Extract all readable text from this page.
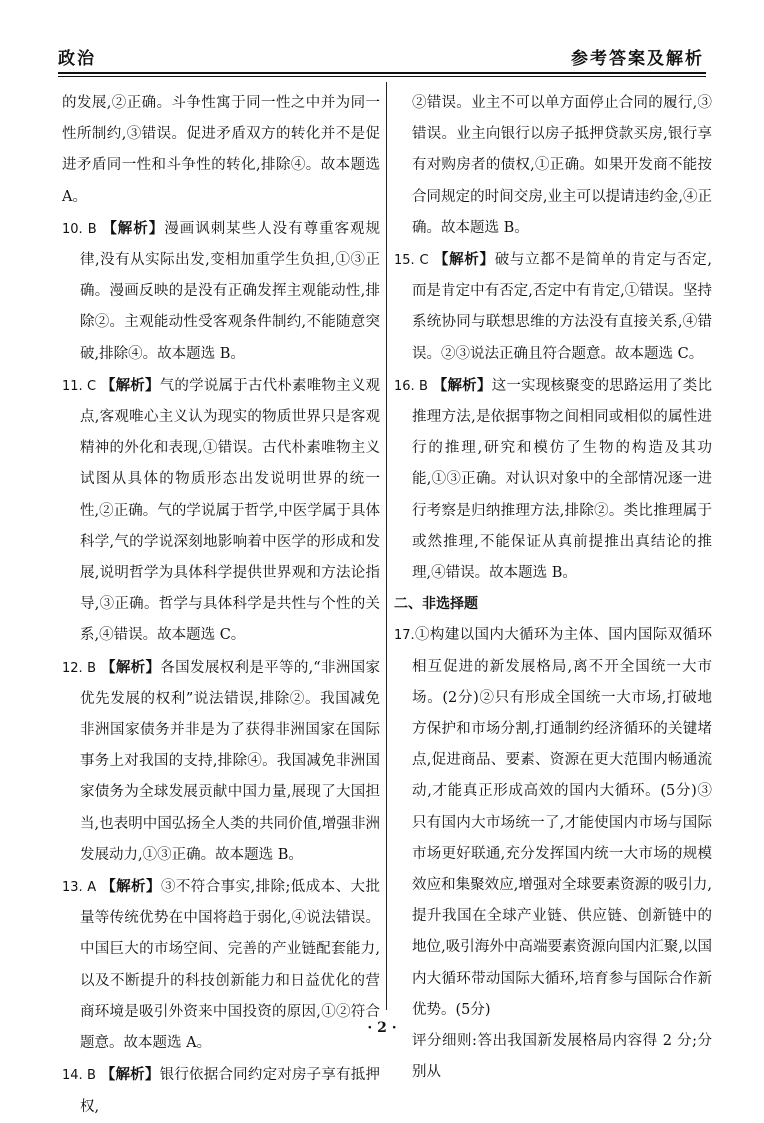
政治	参考答案及解析

的发展,②正确。斗争性寓于同一性之中并为同一性所制约,③错误。促进矛盾双方的转化并不是促进矛盾同一性和斗争性的转化,排除④。故本题选 A。

10. B 【解析】漫画讽刺某些人没有尊重客观规律,没有从实际出发,变相加重学生负担,①③正确。漫画反映的是没有正确发挥主观能动性,排除②。主观能动性受客观条件制约,不能随意突破,排除④。故本题选 B。

11. C 【解析】气的学说属于古代朴素唯物主义观点,客观唯心主义认为现实的物质世界只是客观精神的外化和表现,①错误。古代朴素唯物主义试图从具体的物质形态出发说明世界的统一性,②正确。气的学说属于哲学,中医学属于具体科学,气的学说深刻地影响着中医学的形成和发展,说明哲学为具体科学提供世界观和方法论指导,③正确。哲学与具体科学是共性与个性的关系,④错误。故本题选 C。

12. B 【解析】各国发展权利是平等的,“非洲国家优先发展的权利”说法错误,排除②。我国减免非洲国家债务并非是为了获得非洲国家在国际事务上对我国的支持,排除④。我国减免非洲国家债务为全球发展贡献中国力量,展现了大国担当,也表明中国弘扬全人类的共同价值,增强非洲发展动力,①③正确。故本题选 B。

13. A 【解析】③不符合事实,排除;低成本、大批量等传统优势在中国将趋于弱化,④说法错误。中国巨大的市场空间、完善的产业链配套能力,以及不断提升的科技创新能力和日益优化的营商环境是吸引外资来中国投资的原因,①②符合题意。故本题选 A。

14. B 【解析】银行依据合同约定对房子享有抵押权,

②错误。业主不可以单方面停止合同的履行,③错误。业主向银行以房子抵押贷款买房,银行享有对购房者的债权,①正确。如果开发商不能按合同规定的时间交房,业主可以提请违约金,④正确。故本题选 B。

15. C 【解析】破与立都不是简单的肯定与否定,而是肯定中有否定,否定中有肯定,①错误。坚持系统协同与联想思维的方法没有直接关系,④错误。②③说法正确且符合题意。故本题选 C。

16. B 【解析】这一实现核聚变的思路运用了类比推理方法,是依据事物之间相同或相似的属性进行的推理,研究和模仿了生物的构造及其功能,①③正确。对认识对象中的全部情况逐一进行考察是归纳推理方法,排除②。类比推理属于或然推理,不能保证从真前提推出真结论的推理,④错误。故本题选 B。

二、非选择题

17.①构建以国内大循环为主体、国内国际双循环相互促进的新发展格局,离不开全国统一大市场。(2分)②只有形成全国统一大市场,打破地方保护和市场分割,打通制约经济循环的关键堵点,促进商品、要素、资源在更大范围内畅通流动,才能真正形成高效的国内大循环。(5分)③只有国内大市场统一了,才能使国内市场与国际市场更好联通,充分发挥国内统一大市场的规模效应和集聚效应,增强对全球要素资源的吸引力,提升我国在全球产业链、供应链、创新链中的地位,吸引海外中高端要素资源向国内汇聚,以国内大循环带动国际大循环,培育参与国际合作新优势。(5分)

评分细则:答出我国新发展格局内容得 2 分;分别从

· 2 ·
